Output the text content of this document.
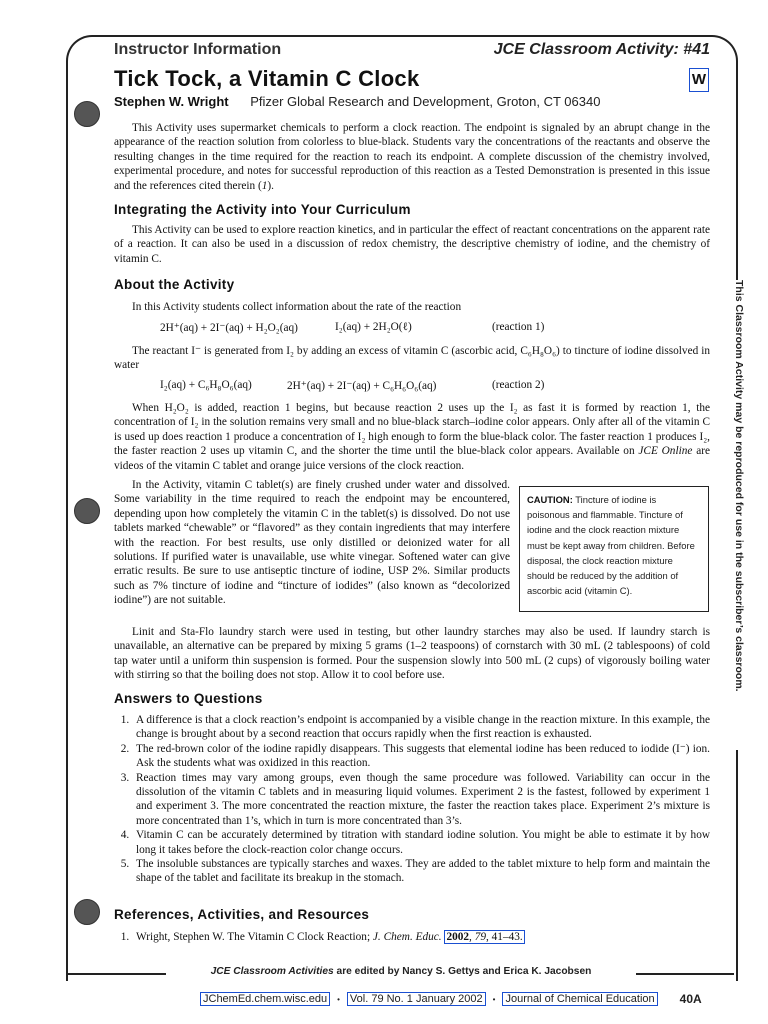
Instructor Information	JCE Classroom Activity: #41
Tick Tock, a Vitamin C Clock	W
Stephen W. Wright Pfizer Global Research and Development, Groton, CT 06340

This Activity uses supermarket chemicals to perform a clock reaction. The endpoint is signaled by an abrupt change in the appearance of the reaction solution from colorless to blue-black. Students vary the concentrations of the reactants and observe the resulting changes in the time required for the reaction to reach its endpoint. A complete discussion of the chemistry involved, experimental procedure, and notes for successful reproduction of this reaction as a Tested Demonstration is presented in this issue and the references cited therein (1).

Integrating the Activity into Your Curriculum

This Activity can be used to explore reaction kinetics, and in particular the effect of reactant concentrations on the apparent rate of a reaction. It can also be used in a discussion of redox chemistry, the descriptive chemistry of iodine, and the chemistry of vitamin C.

About the Activity

In this Activity students collect information about the rate of the reaction

2H⁺(aq) + 2I⁻(aq) + H₂O₂(aq)	I₂(aq) + 2H₂O(ℓ)	(reaction 1)

The reactant I⁻ is generated from I₂ by adding an excess of vitamin C (ascorbic acid, C₆H₈O₆) to tincture of iodine dissolved in water

I₂(aq) + C₆H₈O₆(aq)	2H⁺(aq) + 2I⁻(aq) + C₆H₆O₆(aq)	(reaction 2)

When H₂O₂ is added, reaction 1 begins, but because reaction 2 uses up the I₂ as fast it is formed by reaction 1, the concentration of I₂ in the solution remains very small and no blue-black starch–iodine color appears. Only after all of the vitamin C is used up does reaction 1 produce a concentration of I₂ high enough to form the blue-black color. The faster reaction 1 produces I₂, the faster reaction 2 uses up vitamin C, and the shorter the time until the blue-black color appears. Available on JCE Online are videos of the vitamin C tablet and orange juice versions of the clock reaction.

In the Activity, vitamin C tablet(s) are finely crushed under water and dissolved. Some variability in the time required to reach the endpoint may be encountered, depending upon how completely the vitamin C in the tablet(s) is dissolved. Do not use tablets marked “chewable” or “flavored” as they contain ingredients that may interfere with the reaction. For best results, use only distilled or deionized water for all solutions. If purified water is unavailable, use white vinegar. Softened water can give erratic results. Be sure to use antiseptic tincture of iodine, USP 2%. Similar products such as 7% tincture of iodine and “tincture of iodides” (also known as “decolorized iodine”) are not suitable.

CAUTION: Tincture of iodine is poisonous and flammable. Tincture of iodine and the clock reaction mixture must be kept away from children. Before disposal, the clock reaction mixture should be reduced by the addition of ascorbic acid (vitamin C).

Linit and Sta-Flo laundry starch were used in testing, but other laundry starches may also be used. If laundry starch is unavailable, an alternative can be prepared by mixing 5 grams (1–2 teaspoons) of cornstarch with 30 mL (2 tablespoons) of cold tap water until a uniform thin suspension is formed. Pour the suspension slowly into 500 mL (2 cups) of vigorously boiling water with stirring so that the boiling does not stop. Allow it to cool before use.

Answers to Questions
1. A difference is that a clock reaction’s endpoint is accompanied by a visible change in the reaction mixture. In this example, the change is brought about by a second reaction that occurs rapidly when the first reaction is exhausted.
2. The red-brown color of the iodine rapidly disappears. This suggests that elemental iodine has been reduced to iodide (I⁻) ion. Ask the students what was oxidized in this reaction.
3. Reaction times may vary among groups, even though the same procedure was followed. Variability can occur in the dissolution of the vitamin C tablets and in measuring liquid volumes. Experiment 2 is the fastest, followed by experiment 1 and experiment 3. The more concentrated the reaction mixture, the faster the reaction takes place. Experiment 2’s mixture is more concentrated than 1’s, which in turn is more concentrated than 3’s.
4. Vitamin C can be accurately determined by titration with standard iodine solution. You might be able to estimate it by how long it takes before the clock-reaction color change occurs.
5. The insoluble substances are typically starches and waxes. They are added to the tablet mixture to help form and maintain the shape of the tablet and facilitate its breakup in the stomach.
References, Activities, and Resources
1. Wright, Stephen W. The Vitamin C Clock Reaction; J. Chem. Educ. 2002, 79, 41–43.
This Classroom Activity may be reproduced for use in the subscriber’s classroom.
JCE Classroom Activities are edited by Nancy S. Gettys and Erica K. Jacobsen
JChemEd.chem.wisc.edu	• Vol. 79 No. 1 January 2002	• Journal of Chemical Education 40A
